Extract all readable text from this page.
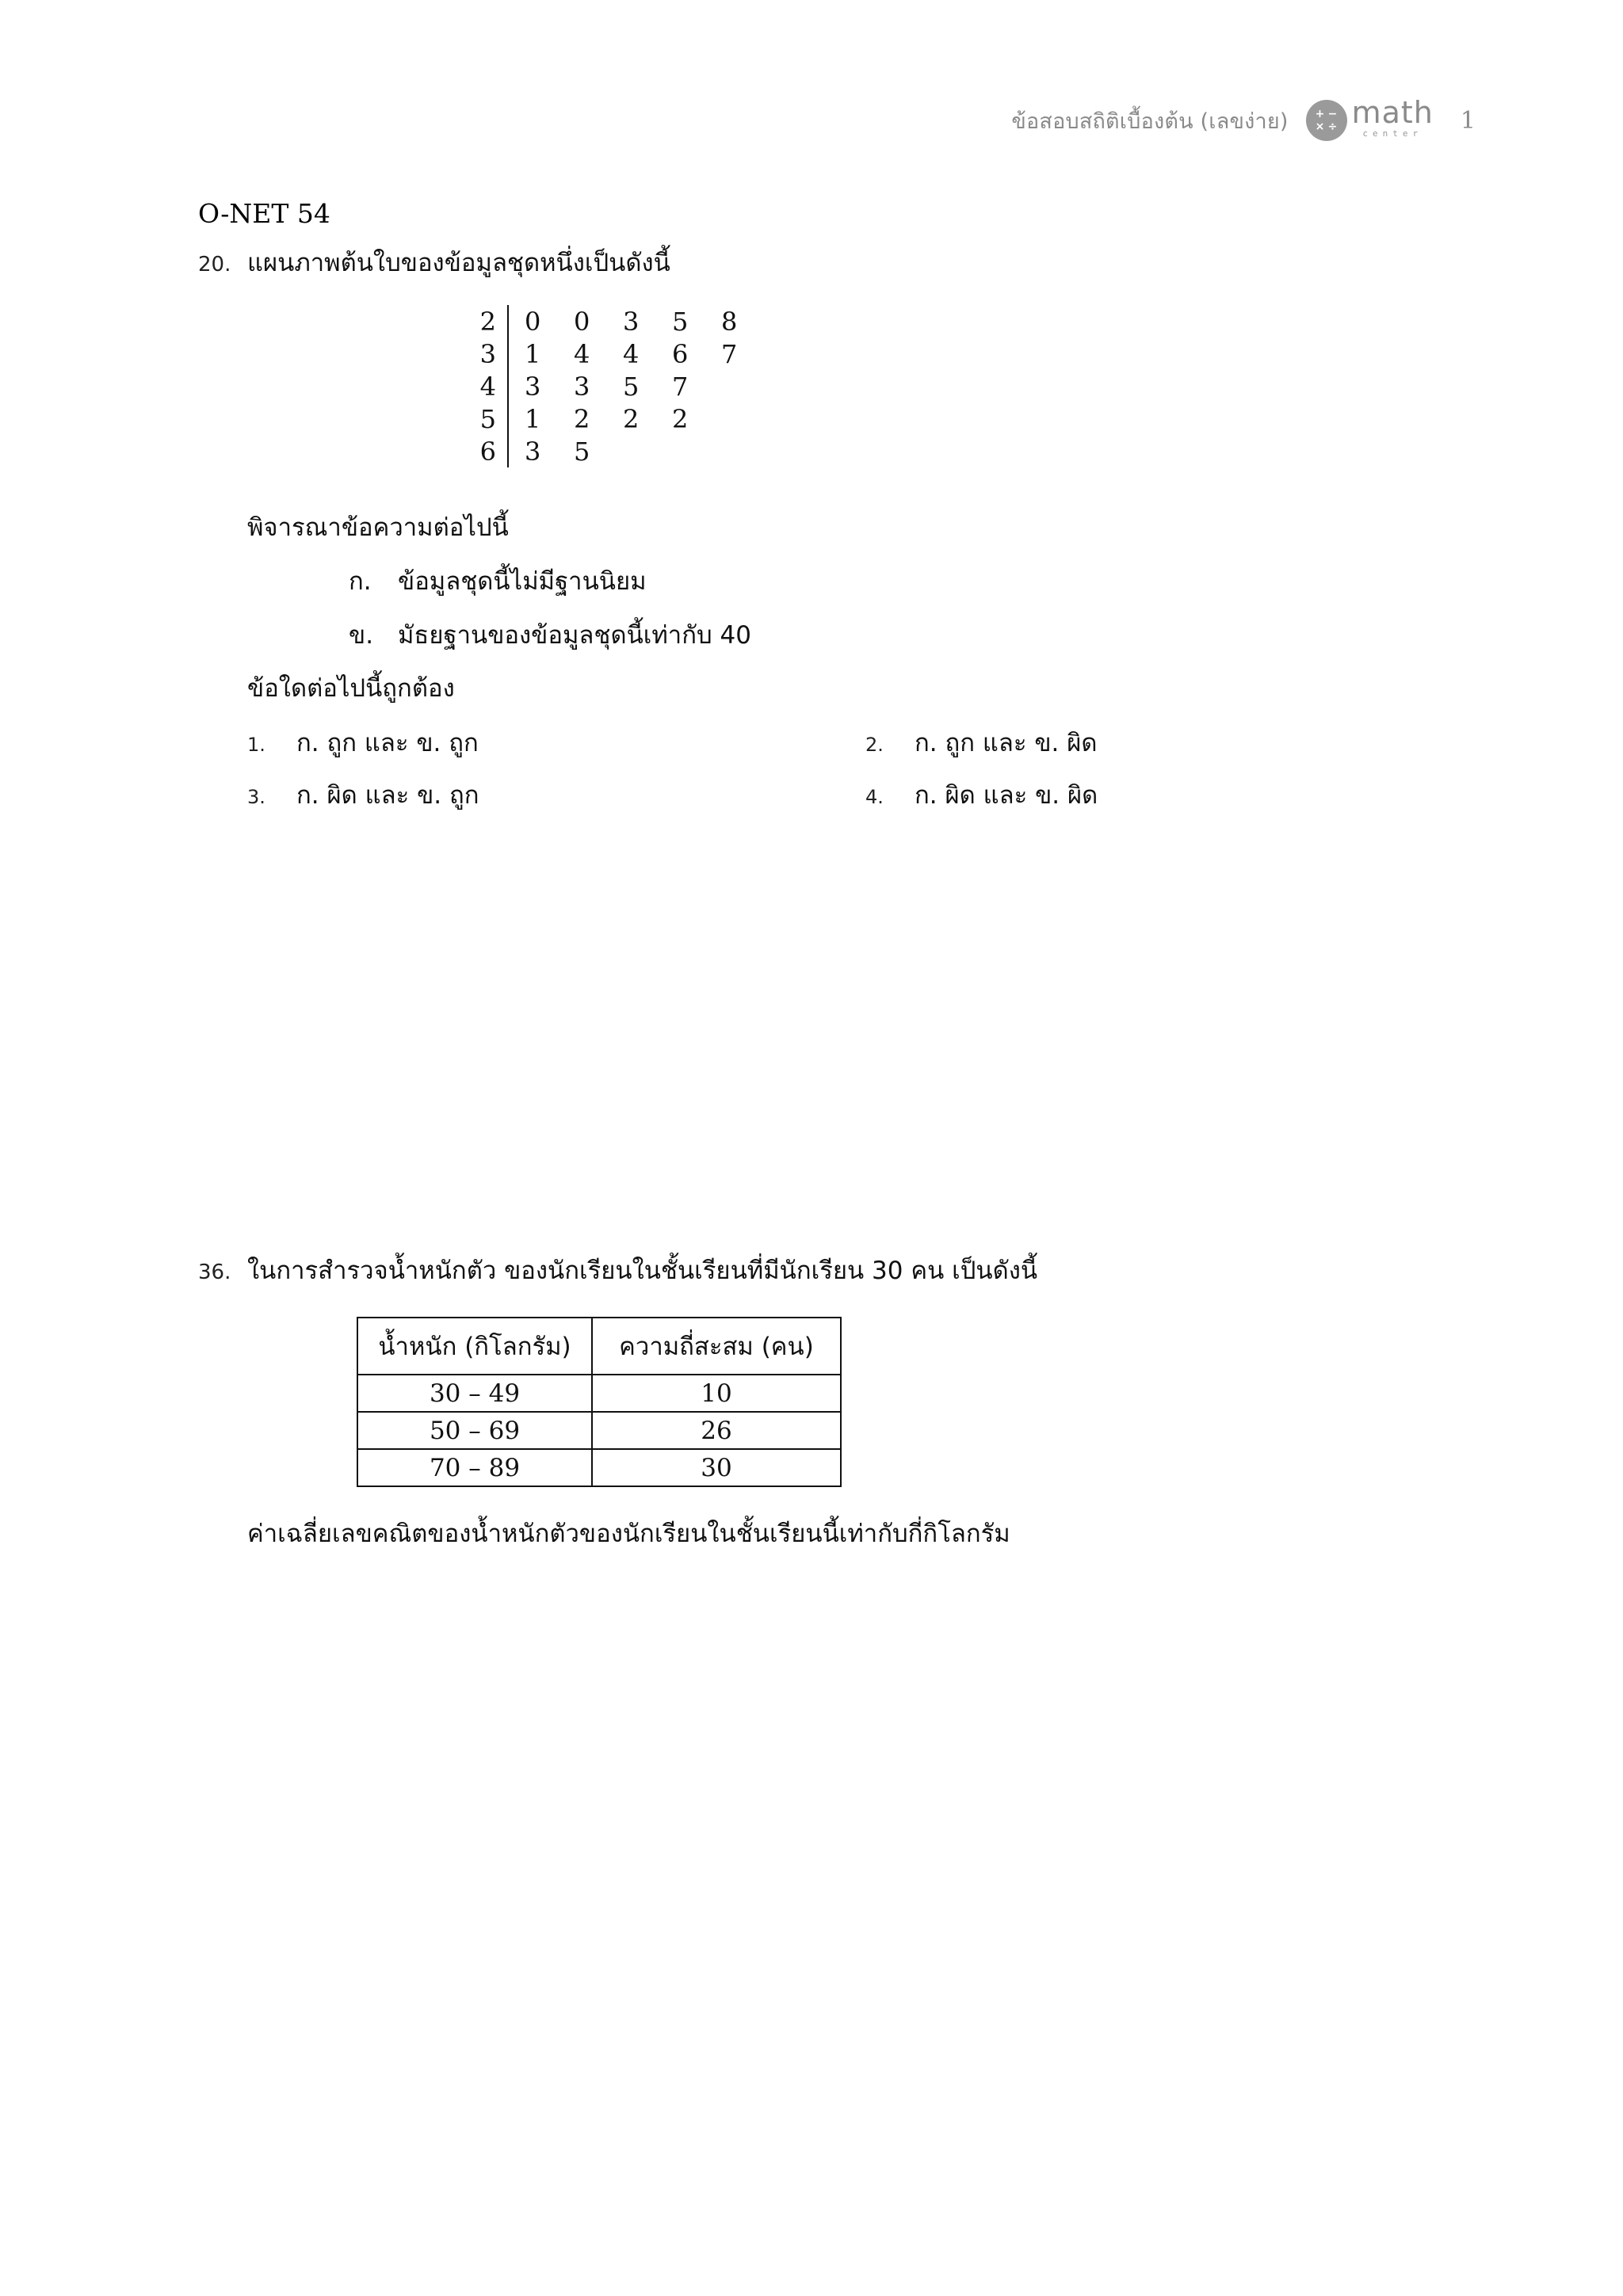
ข้อสอบสถิติเบื้องต้น (เลขง่าย) + −
× ÷ math
center 1
O-NET 54
20. แผนภาพต้นใบของข้อมูลชุดหนึ่งเป็นดังนี้
2 0	0	3	5	8
3 1	4	4	6	7
4 3	3	5	7
5 1	2	2	2
6 3	5
พิจารณาข้อความต่อไปนี้
ก.	ข้อมูลชุดนี้ไม่มีฐานนิยม
ข. มัธยฐานของข้อมูลชุดนี้เท่ากับ 40
ข้อใดต่อไปนี้ถูกต้อง
1.	ก. ถูก และ ข. ถูก	2.	ก. ถูก และ ข. ผิด
3.	ก. ผิด และ ข. ถูก	4.	ก. ผิด และ ข. ผิด
36. ในการสำรวจน้ำหนักตัว ของนักเรียนในชั้นเรียนที่มีนักเรียน 30 คน เป็นดังนี้
น้ำหนัก (กิโลกรัม)	ความถี่สะสม (คน)
30 – 49	10
50 – 69	26
70 – 89	30
ค่าเฉลี่ยเลขคณิตของน้ำหนักตัวของนักเรียนในชั้นเรียนนี้เท่ากับกี่กิโลกรัม
